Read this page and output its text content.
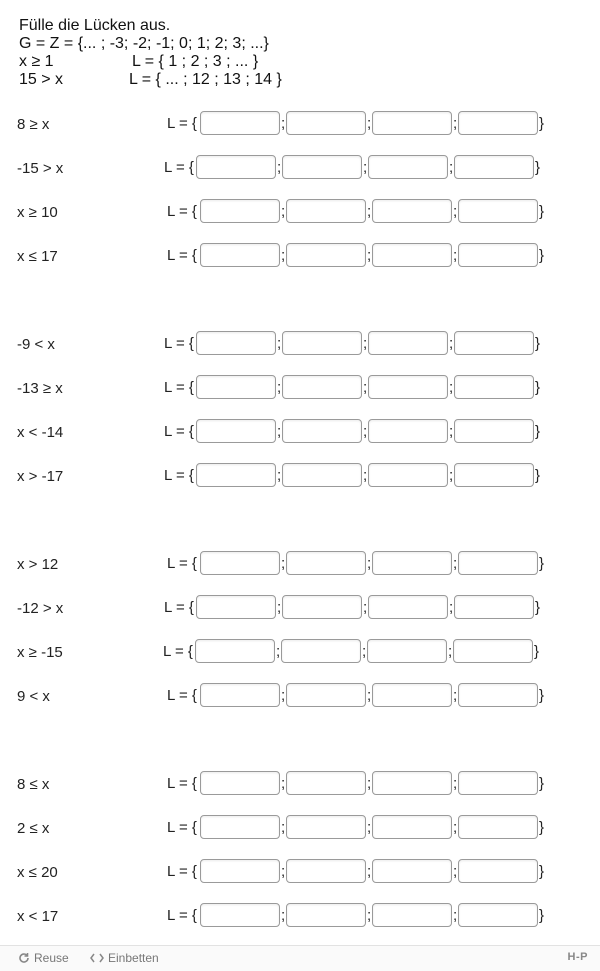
Fülle die Lücken aus.
G = Z = {... ; -3; -2; -1; 0; 1; 2; 3; ...}
x ≥ 1	L = { 1 ; 2 ; 3 ; ... }
15 > x	L = { ... ; 12 ; 13 ; 14 }
8 ≥ x	L = {	;	;	;	}
-15 > x	L = {	;	;	;	}
x ≥ 10	L = {	;	;	;	}
x ≤ 17	L = {	;	;	;	}
-9 < x	L = {	;	;	;	}
-13 ≥ x	L = {	;	;	;	}
x < -14	L = {	;	;	;	}
x > -17	L = {	;	;	;	}
x > 12	L = {	;	;	;	}
-12 > x	L = {	;	;	;	}
x ≥ -15	L = {	;	;	;	}
9 < x	L = {	;	;	;	}
8 ≤ x	L = {	;	;	;	}
2 ≤ x	L = {	;	;	;	}
x ≤ 20	L = {	;	;	;	}
x < 17	L = {	;	;	;	}
Reuse	Einbetten	H-P
